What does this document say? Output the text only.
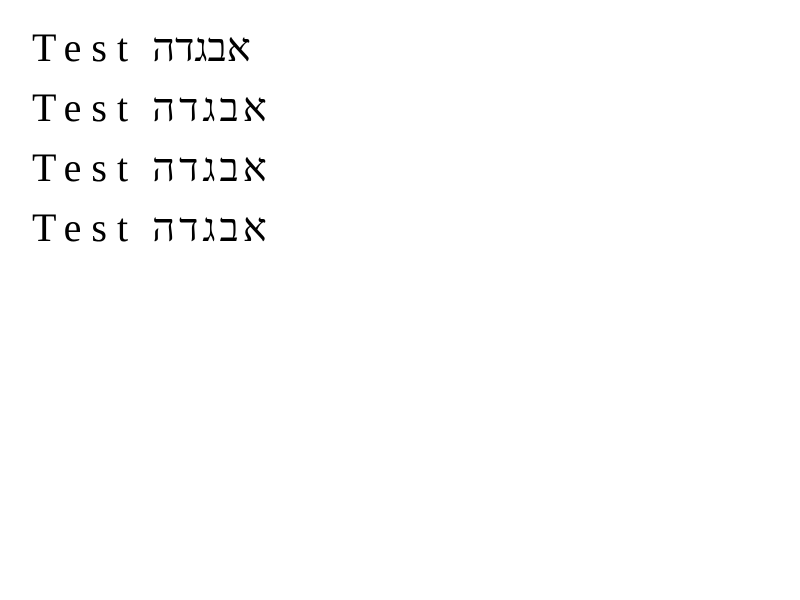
Test אבגדה
Test אבגדה
Test אבגדה
Test אבגדה
